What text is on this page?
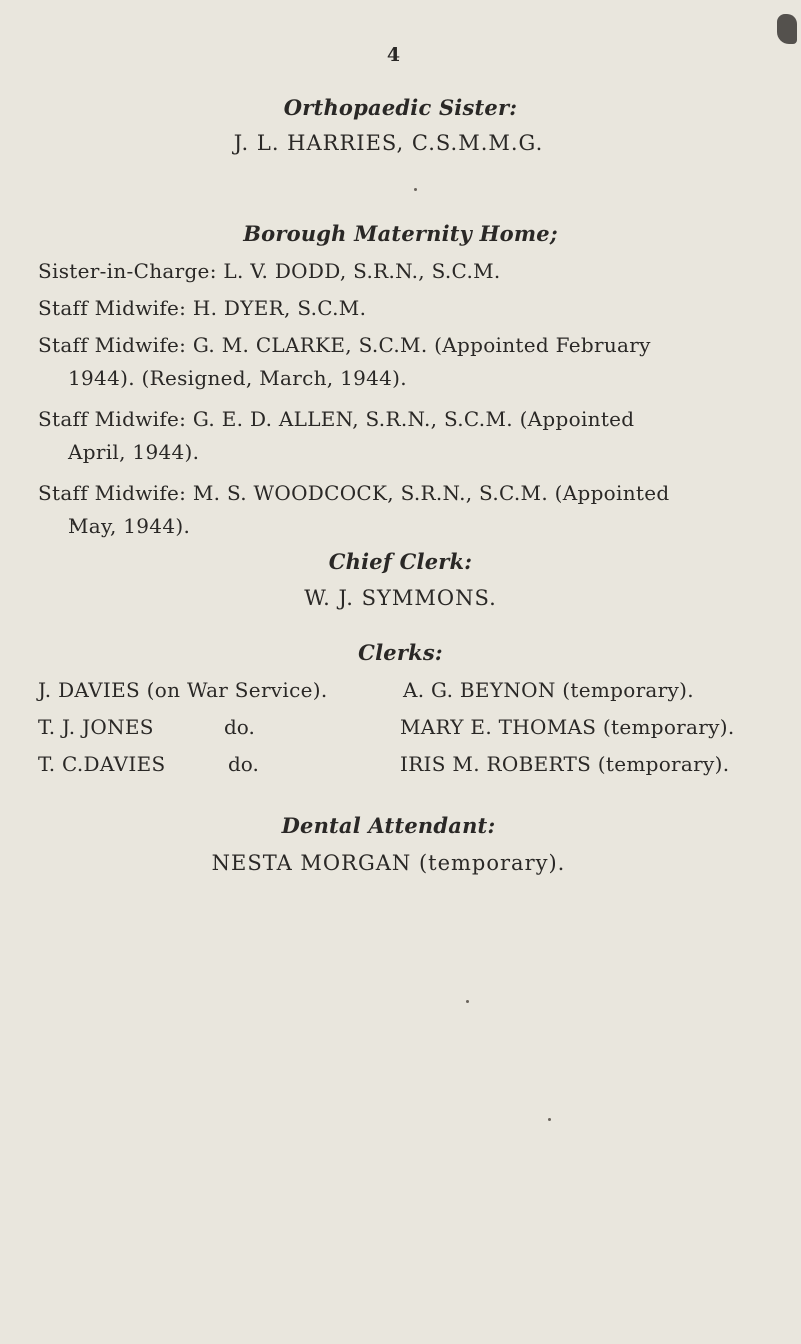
4
Orthopaedic Sister:
J. L. HARRIES, C.S.M.M.G.
Borough Maternity Home;
Sister-in-Charge: L. V. DODD, S.R.N., S.C.M.
Staff Midwife: H. DYER, S.C.M.
Staff Midwife: G. M. CLARKE, S.C.M. (Appointed February
1944). (Resigned, March, 1944).
Staff Midwife: G. E. D. ALLEN, S.R.N., S.C.M. (Appointed
April, 1944).
Staff Midwife: M. S. WOODCOCK, S.R.N., S.C.M. (Appointed
May, 1944).
Chief Clerk:
W. J. SYMMONS.
Clerks:
J. DAVIES (on War Service).	A. G. BEYNON (temporary).
T. J. JONES	do.	MARY E. THOMAS (temporary).
T. C.DAVIES	do.	IRIS M. ROBERTS (temporary).
Dental Attendant:
NESTA MORGAN (temporary).
